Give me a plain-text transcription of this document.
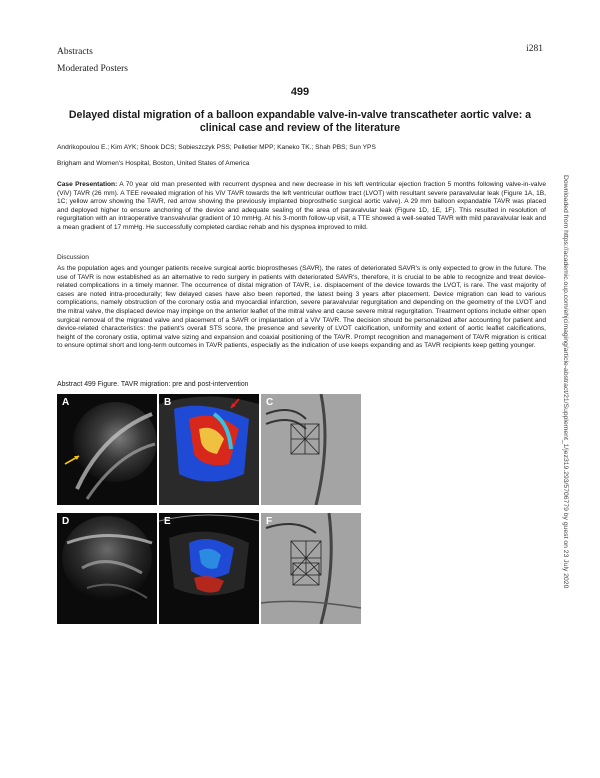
Abstracts
Moderated Posters
i281
499
Delayed distal migration of a balloon expandable valve-in-valve transcatheter aortic valve: a clinical case and review of the literature
Andrikopoulou E.; Kim AYK; Shook DCS; Sobieszczyk PSS; Pelletier MPP; Kaneko TK.; Shah PBS; Sun YPS
Brigham and Women's Hospital, Boston, United States of America
Case Presentation: A 70 year old man presented with recurrent dyspnea and new decrease in his left ventricular ejection fraction 5 months following valve-in-valve (ViV) TAVR (26 mm). A TEE revealed migration of his ViV TAVR towards the left ventricular outflow tract (LVOT) with resultant severe paravalvular leak (Figure 1A, 1B, 1C; yellow arrow showing the TAVR, red arrow showing the previously implanted bioprosthetic surgical aortic valve). A 29 mm balloon expandable TAVR was placed and deployed higher to ensure anchoring of the device and adequate sealing of the area of paravalvular leak (Figure 1D, 1E, 1F). This resulted in resolution of regurgitation with an intraoperative transvalvular gradient of 10 mmHg. At his 3-month follow-up visit, a TTE showed a well-seated TAVR with mild paravalvular leak and a mean gradient of 17 mmHg. He successfully completed cardiac rehab and his dyspnea improved to mild.
Discussion
As the population ages and younger patients receive surgical aortic bioprostheses (SAVR), the rates of deteriorated SAVR's is only expected to grow in the future. The use of TAVR is now established as an alternative to redo surgery in patients with deteriorated SAVR's, therefore, it is crucial to be able to recognize and treat device-related complications in a timely manner. The occurrence of distal migration of TAVR, i.e. displacement of the device towards the LVOT, is rare. The vast majority of cases are noted intra-procedurally; few delayed cases have also been reported, the latest being 3 years after placement. Device migration can lead to various complications, namely obstruction of the coronary ostia and myocardial infarction, severe paravalvular regurgitation and depending on the geometry of the LVOT and the mitral valve, the displaced device may impinge on the anterior leaflet of the mitral valve and cause severe mitral regurgitation. Treatment options include either open surgical removal of the migrated valve and placement of a SAVR or implantation of a ViV TAVR. The decision should be personalized after accounting for patient and device-related characteristics: the patient's overall STS score, the presence and severity of LVOT calcification, uniformity and extent of aortic leaflet calcifications, height of the coronary ostia, optimal valve sizing and expansion and coaxial positioning of the TAVR. Prompt recognition and management of TAVR migration is critical to ensure optimal short and long-term outcomes in TAVR patients, especially as the indication of use keeps expanding and as TAVR recipients keep getting younger.
Abstract 499 Figure. TAVR migration: pre and post-intervention
A	B	C
D	E	F	Downloaded from https://academic.oup.com/ehjcimaging/article-abstract/21/Supplement_1/jez319.293/5706779 by guest on 23 July 2020
